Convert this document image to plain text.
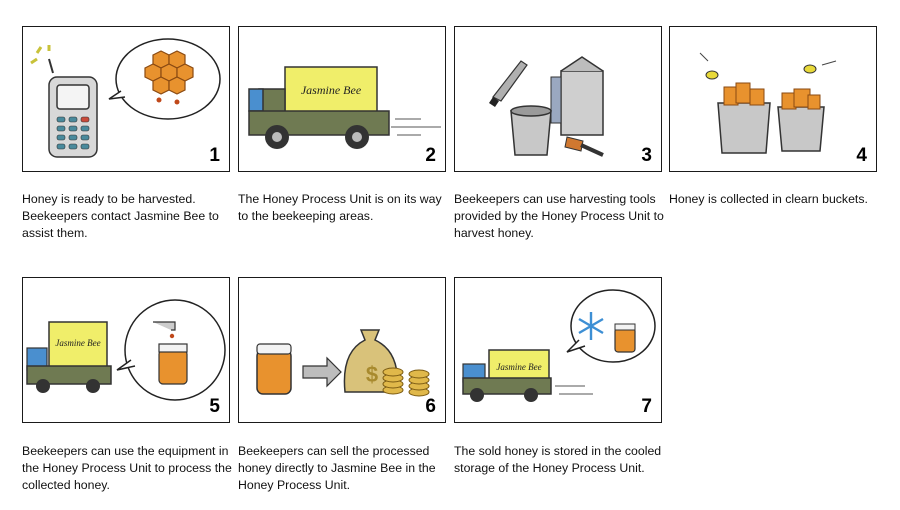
1
Honey is ready to be harvested. Beekeepers contact Jasmine Bee to assist them.
Jasmine Bee
2
The Honey Process Unit is on its way to the beekeeping areas.
3
Beekeepers can use harvesting tools provided by the Honey Process Unit to harvest honey.
4
Honey is collected in clearn buckets.
Jasmine Bee
5
Beekeepers can use the equipment in the Honey Process Unit to process the collected honey.
$
6
Beekeepers can sell the processed honey directly to Jasmine Bee in the Honey Process Unit.
Jasmine Bee
7
The sold honey is stored in the cooled storage of the Honey Process Unit.
